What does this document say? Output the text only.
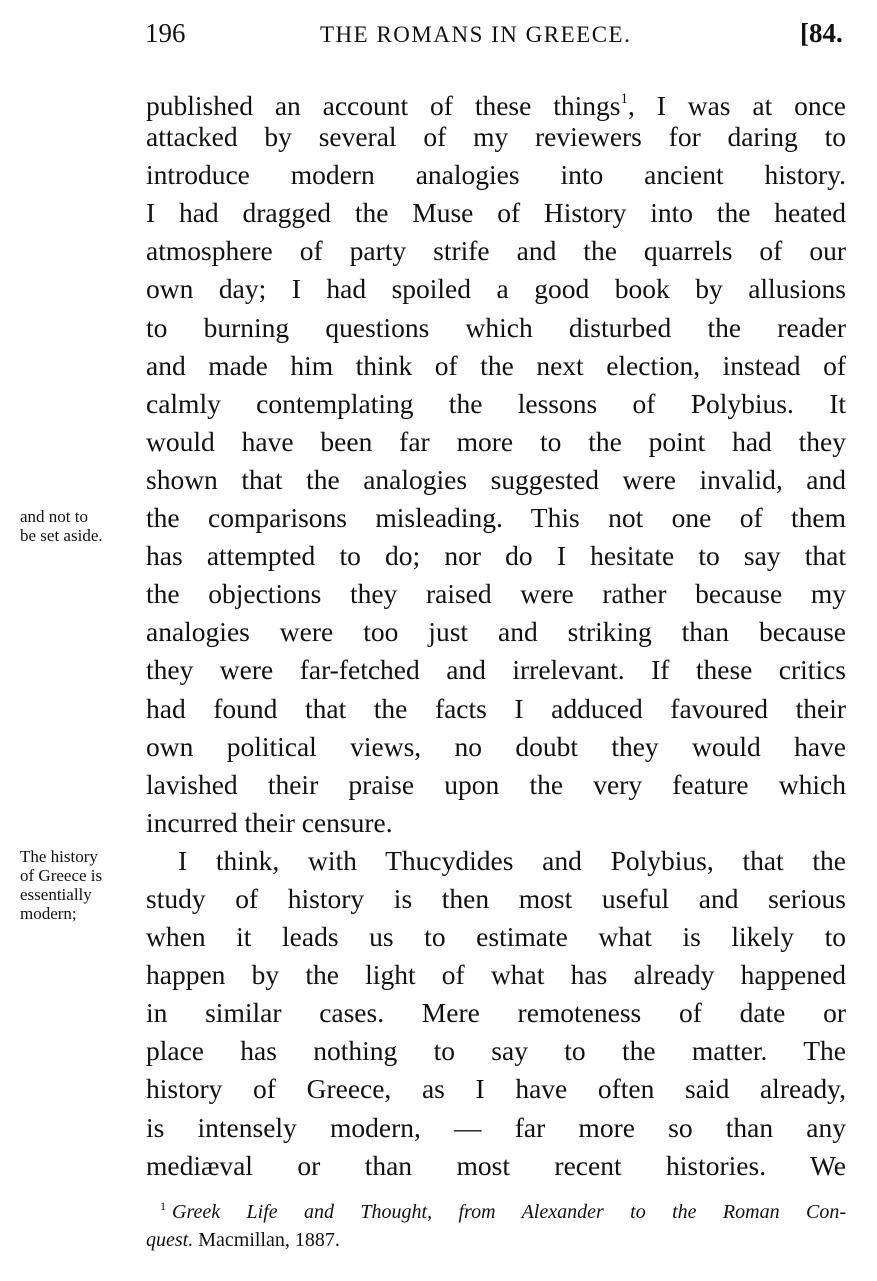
196	THE ROMANS IN GREECE.	[84.
and not to
be set aside.
The history
of Greece is
essentially
modern;
published an account of these things$^1$, I was at once
attacked by several of my reviewers for daring to
introduce modern analogies into ancient history.
I had dragged the Muse of History into the heated
atmosphere of party strife and the quarrels of our
own day; I had spoiled a good book by allusions
to burning questions which disturbed the reader
and made him think of the next election, instead of
calmly contemplating the lessons of Polybius. It
would have been far more to the point had they
shown that the analogies suggested were invalid, and
the comparisons misleading. This not one of them
has attempted to do; nor do I hesitate to say that
the objections they raised were rather because my
analogies were too just and striking than because
they were far-fetched and irrelevant. If these critics
had found that the facts I adduced favoured their
own political views, no doubt they would have
lavished their praise upon the very feature which
incurred their censure.
I think, with Thucydides and Polybius, that the
study of history is then most useful and serious
when it leads us to estimate what is likely to
happen by the light of what has already happened
in similar cases. Mere remoteness of date or
place has nothing to say to the matter. The
history of Greece, as I have often said already,
is intensely modern, — far more so than any
mediæval or than most recent histories. We
$^1$ Greek Life and Thought, from Alexander to the Roman Con-
quest. Macmillan, 1887.
